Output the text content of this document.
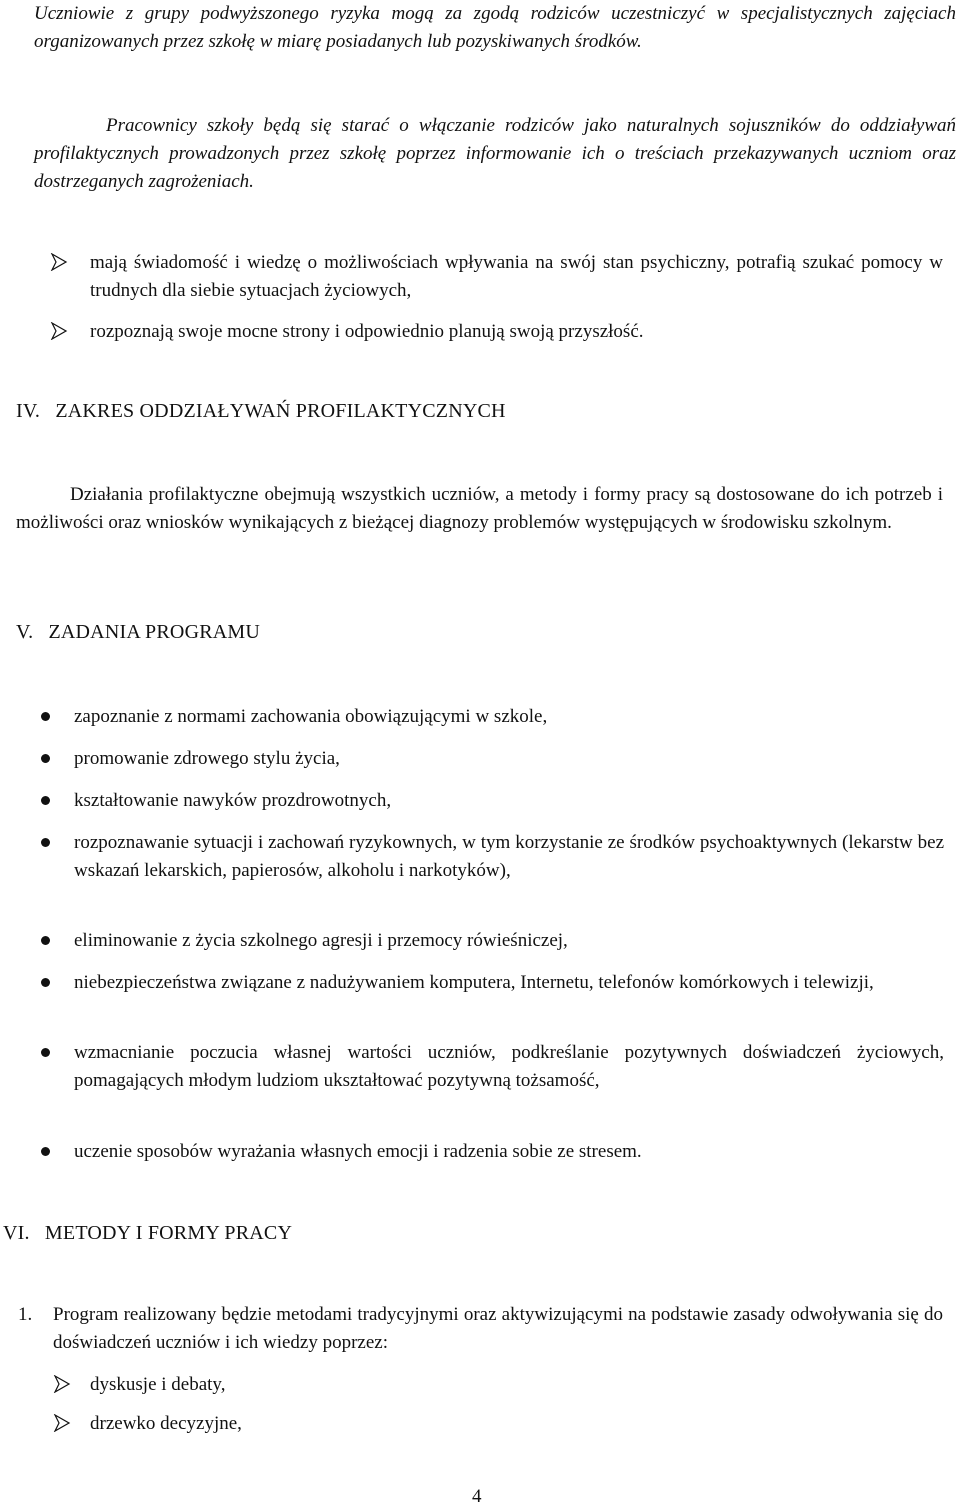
Uczniowie z grupy podwyższonego ryzyka mogą za zgodą rodziców uczestniczyć w specjalistycznych zajęciach organizowanych przez szkołę w miarę posiadanych lub pozyskiwanych środków.
Pracownicy szkoły będą się starać o włączanie rodziców jako naturalnych sojuszników do oddziaływań profilaktycznych prowadzonych przez szkołę poprzez informowanie ich o treściach przekazywanych uczniom oraz dostrzeganych zagrożeniach.
mają świadomość i wiedzę o możliwościach wpływania na swój stan psychiczny, potrafią szukać pomocy w trudnych dla siebie sytuacjach życiowych,
rozpoznają swoje mocne strony i odpowiednio planują swoją przyszłość.
IV. ZAKRES ODDZIAŁYWAŃ PROFILAKTYCZNYCH
Działania profilaktyczne obejmują wszystkich uczniów, a metody i formy pracy są dostosowane do ich potrzeb i możliwości oraz wniosków wynikających z bieżącej diagnozy problemów występujących w środowisku szkolnym.
V. ZADANIA PROGRAMU
zapoznanie z normami zachowania obowiązującymi w szkole,
promowanie zdrowego stylu życia,
kształtowanie nawyków prozdrowotnych,
rozpoznawanie sytuacji i zachowań ryzykownych, w tym korzystanie ze środków psychoaktywnych (lekarstw bez wskazań lekarskich, papierosów, alkoholu i narkotyków),
eliminowanie z życia szkolnego agresji i przemocy rówieśniczej,
niebezpieczeństwa związane z nadużywaniem komputera, Internetu, telefonów komórkowych i telewizji,
wzmacnianie poczucia własnej wartości uczniów, podkreślanie pozytywnych doświadczeń życiowych, pomagających młodym ludziom ukształtować pozytywną tożsamość,
uczenie sposobów wyrażania własnych emocji i radzenia sobie ze stresem.
VI. METODY I FORMY PRACY
1. Program realizowany będzie metodami tradycyjnymi oraz aktywizującymi na podstawie zasady odwoływania się do doświadczeń uczniów i ich wiedzy poprzez:
dyskusje i debaty,
drzewko decyzyjne,
4
